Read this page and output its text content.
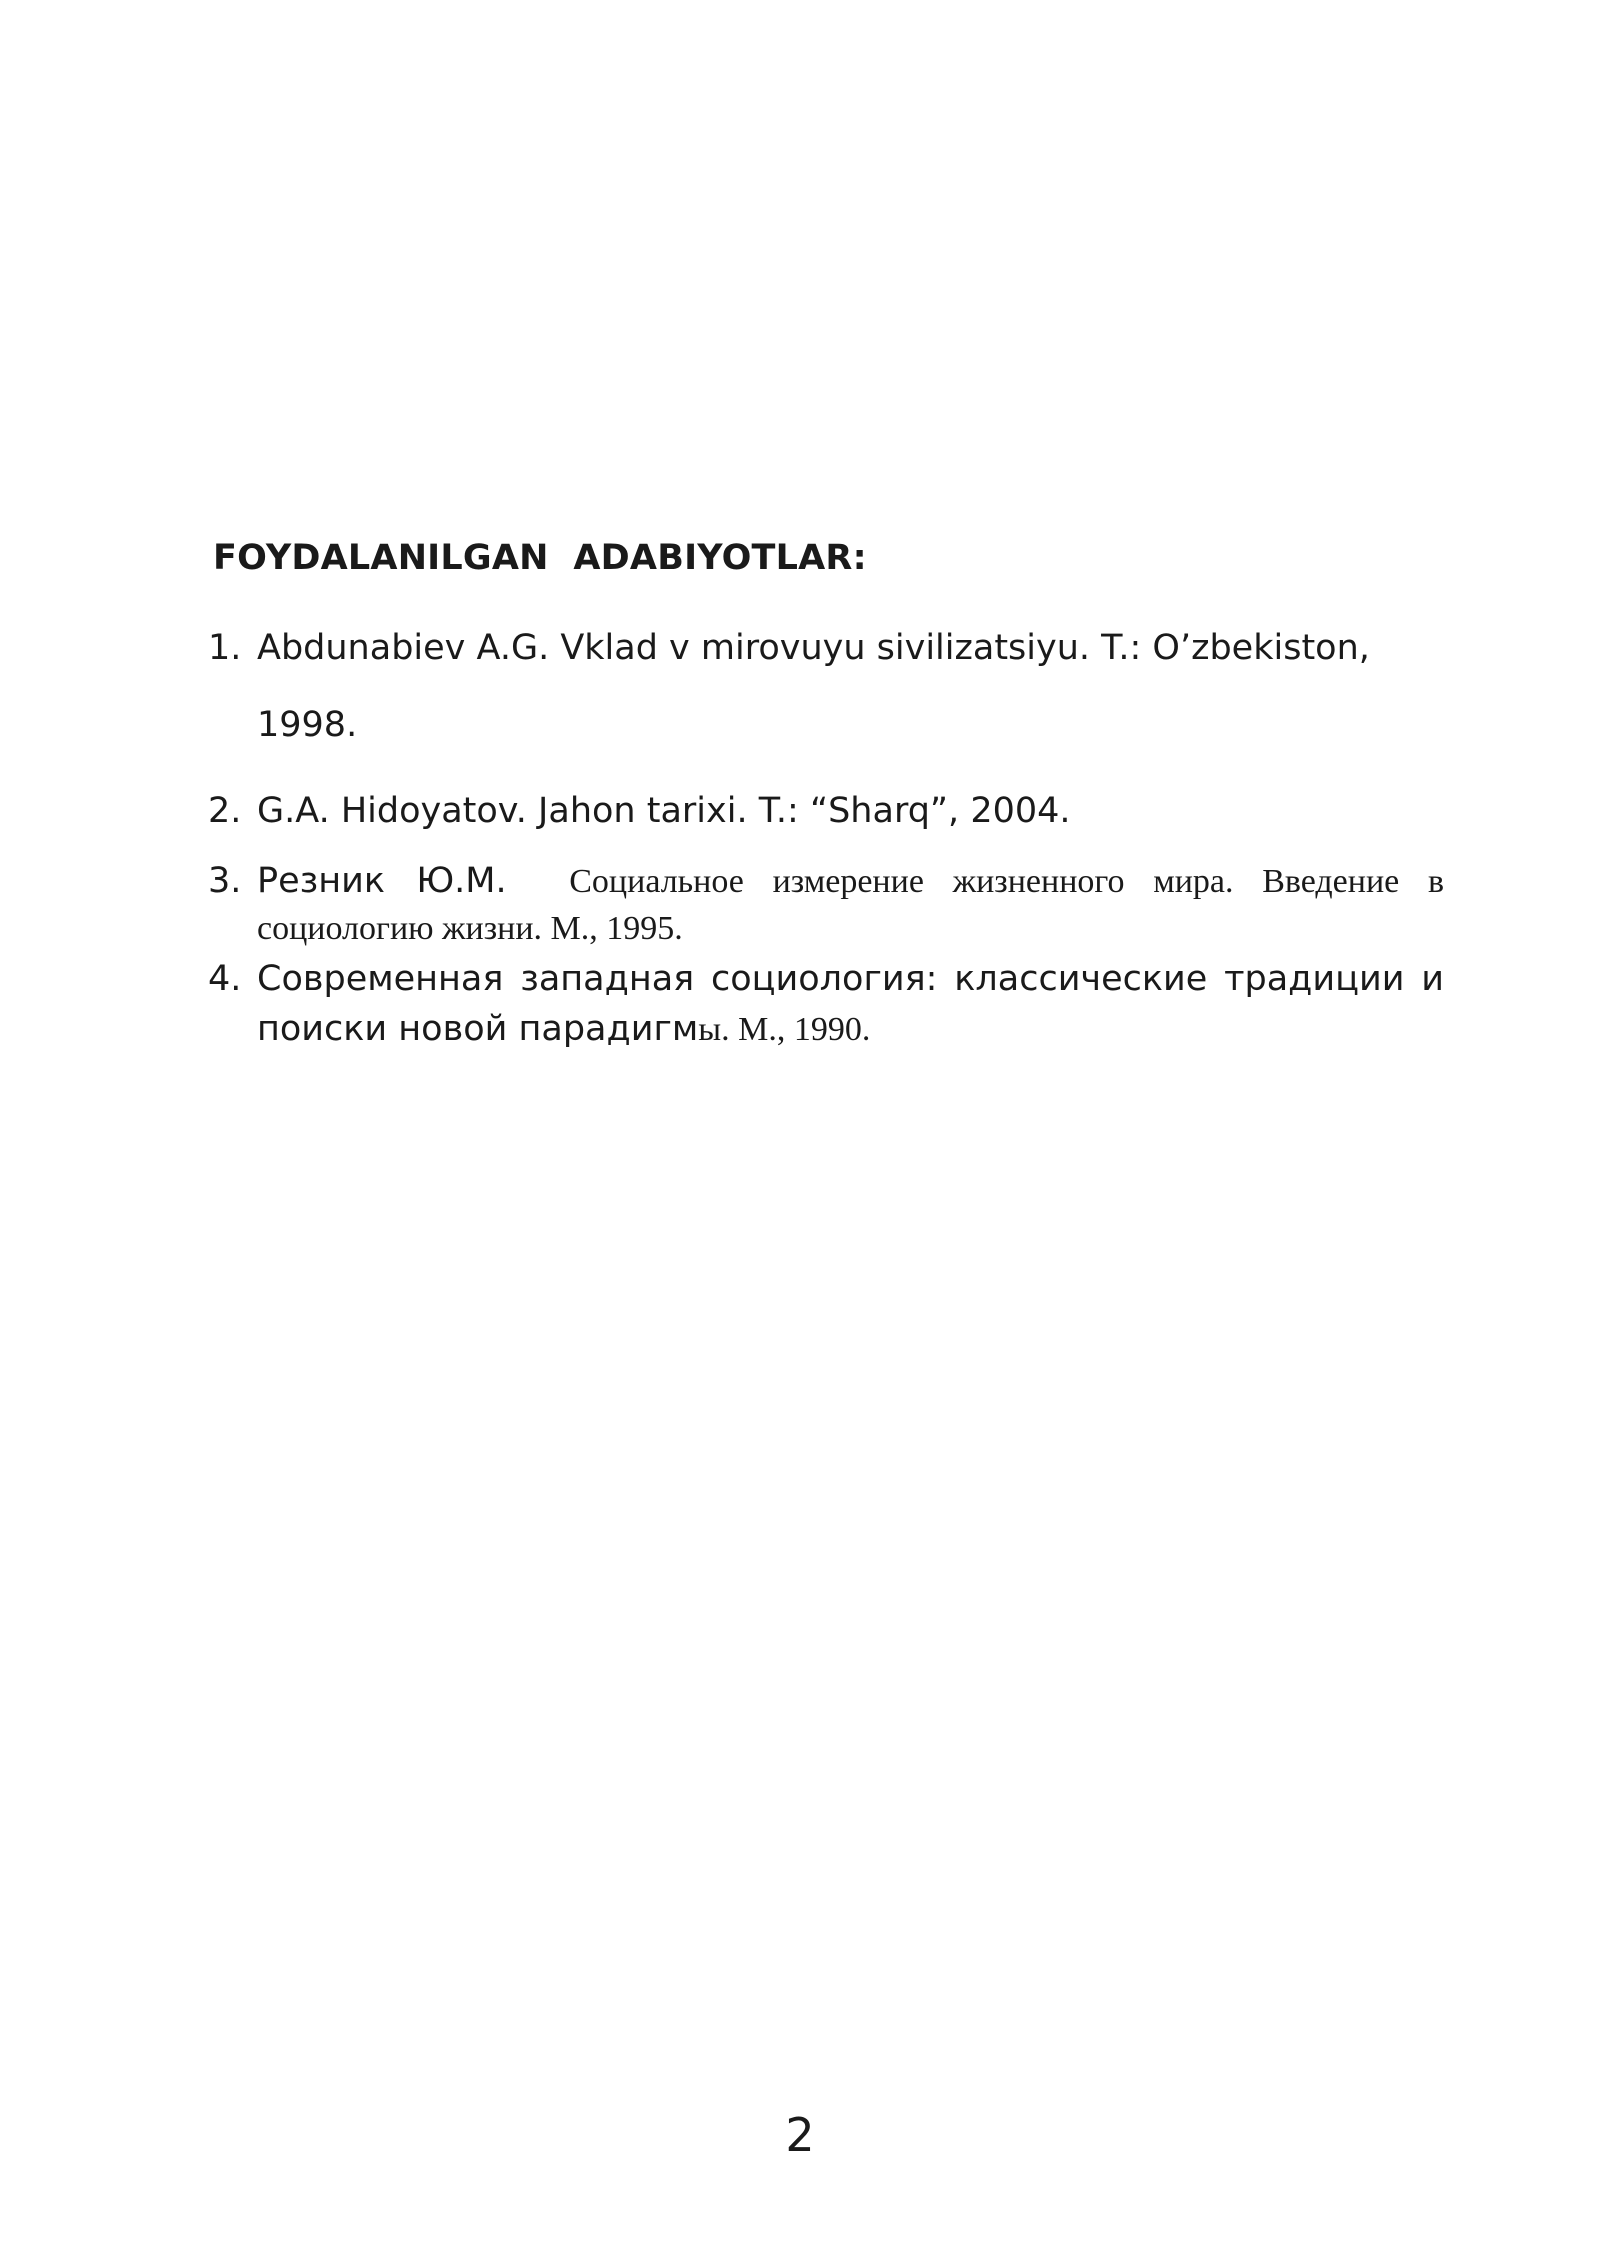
FOYDALANILGAN  ADABIYOTLAR:
1. Abdunabiev A.G. Vklad v mirovuyu sivilizatsiyu. T.: O’zbekiston, 1998.
2. G.A. Hidoyatov. Jahon tarixi. T.: “Sharq”, 2004.
3. Резник Ю.М. Социальное измерение жизненного мира. Введение в социологию жизни. М., 1995.
4. Современная западная социология: классические традиции и поиски новой парадигмы. М., 1990.
2
